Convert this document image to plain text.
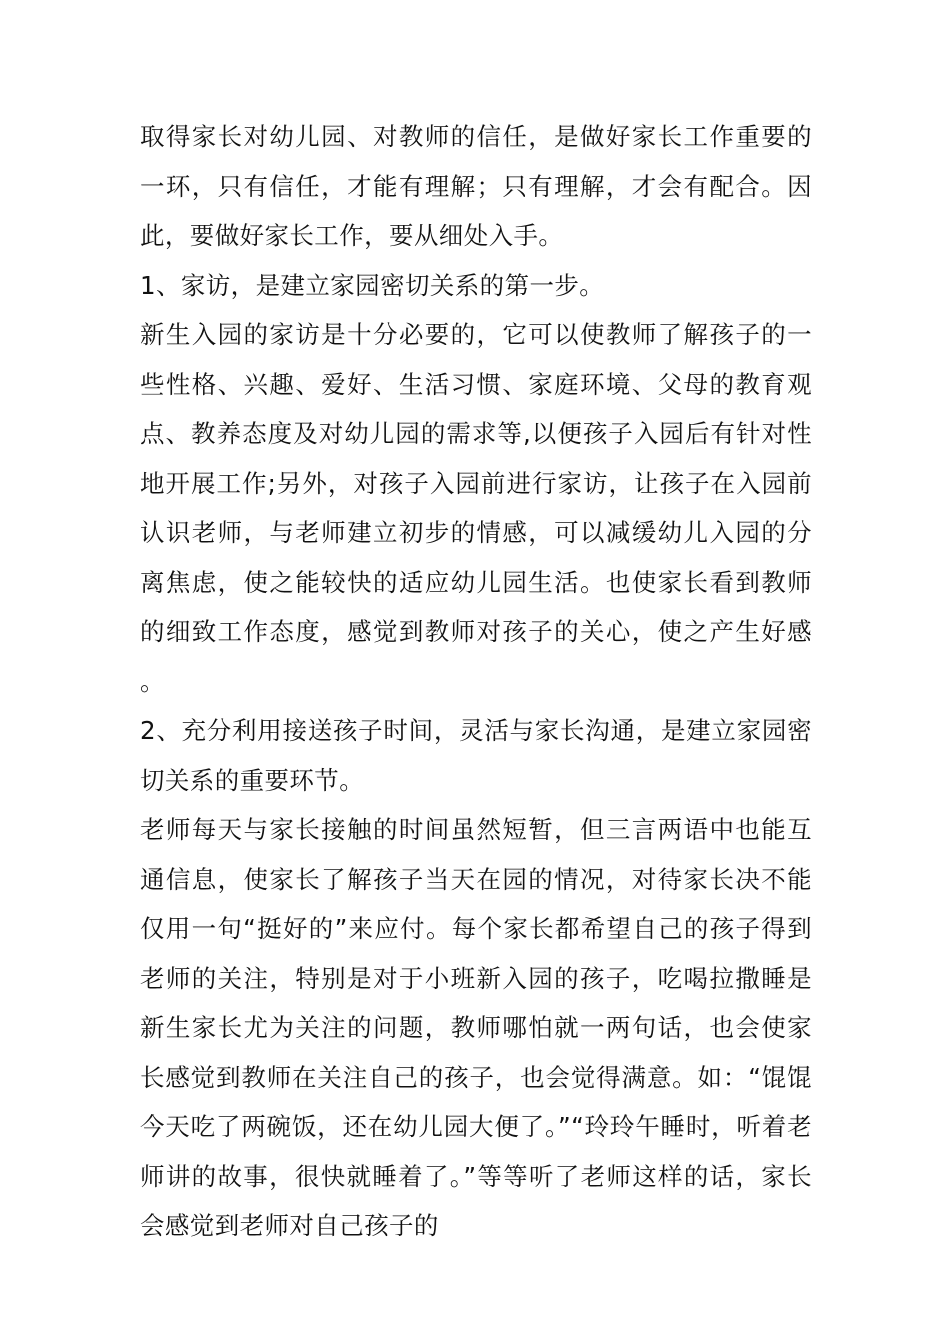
取得家长对幼儿园、对教师的信任，是做好家长工作重要的一环，只有信任，才能有理解；只有理解，才会有配合。因此，要做好家长工作，要从细处入手。

1、家访，是建立家园密切关系的第一步。

新生入园的家访是十分必要的，它可以使教师了解孩子的一些性格、兴趣、爱好、生活习惯、家庭环境、父母的教育观点、教养态度及对幼儿园的需求等,以便孩子入园后有针对性地开展工作;另外，对孩子入园前进行家访，让孩子在入园前认识老师，与老师建立初步的情感，可以减缓幼儿入园的分离焦虑，使之能较快的适应幼儿园生活。也使家长看到教师的细致工作态度，感觉到教师对孩子的关心，使之产生好感。

2、充分利用接送孩子时间，灵活与家长沟通，是建立家园密切关系的重要环节。

老师每天与家长接触的时间虽然短暂，但三言两语中也能互通信息，使家长了解孩子当天在园的情况，对待家长决不能仅用一句“挺好的”来应付。每个家长都希望自己的孩子得到老师的关注，特别是对于小班新入园的孩子，吃喝拉撒睡是新生家长尤为关注的问题，教师哪怕就一两句话，也会使家长感觉到教师在关注自己的孩子，也会觉得满意。如：“馄馄今天吃了两碗饭，还在幼儿园大便了。”“玲玲午睡时，听着老师讲的故事，很快就睡着了。”等等听了老师这样的话，家长会感觉到老师对自己孩子的
